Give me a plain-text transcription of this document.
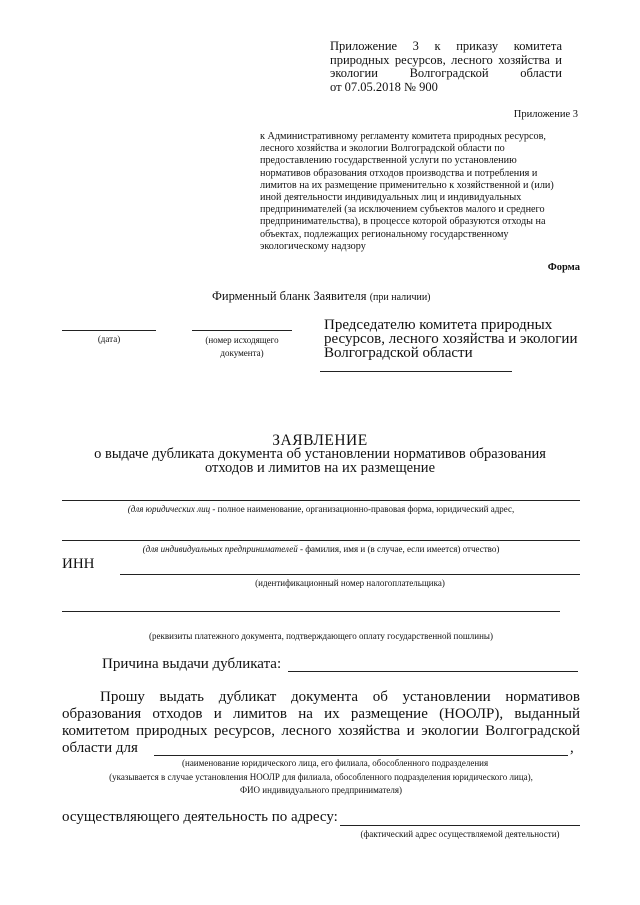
Приложение 3 к приказу комитета
природных ресурсов, лесного хозяйства и
экологии Волгоградской области
от 07.05.2018 № 900
Приложение 3
к Административному регламенту комитета природных ресурсов,
лесного хозяйства и экологии Волгоградской области по
предоставлению государственной услуги по установлению
нормативов образования отходов производства и потребления и
лимитов на их размещение применительно к хозяйственной и (или)
иной деятельности индивидуальных лиц и индивидуальных
предпринимателей (за исключением субъектов малого и среднего
предпринимательства), в процессе которой образуются отходы на
объектах, подлежащих региональному государственному
экологическому надзору
Форма
Фирменный бланк Заявителя (при наличии)
(дата)	(номер исходящего
документа)
Председателю комитета природных
ресурсов, лесного хозяйства и экологии
Волгоградской области
ЗАЯВЛЕНИЕ
о выдаче дубликата документа об установлении нормативов образования
отходов и лимитов на их размещение
(для юридических лиц - полное наименование, организационно-правовая форма, юридический адрес,
(для индивидуальных предпринимателей - фамилия, имя и (в случае, если имеется) отчество)
ИНН
(идентификационный номер налогоплательщика)
(реквизиты платежного документа, подтверждающего оплату государственной пошлины)
Причина выдачи дубликата:
Прошу выдать дубликат документа об установлении нормативов
образования отходов и лимитов на их размещение (НООЛР), выданный
комитетом природных ресурсов, лесного хозяйства и экологии Волгоградской
области для	,
(наименование юридического лица, его филиала, обособленного подразделения
(указывается в случае установления НООЛР для филиала, обособленного подразделения юридического лица),
ФИО индивидуального предпринимателя)
осуществляющего деятельность по адресу:
(фактический адрес осуществляемой деятельности)
